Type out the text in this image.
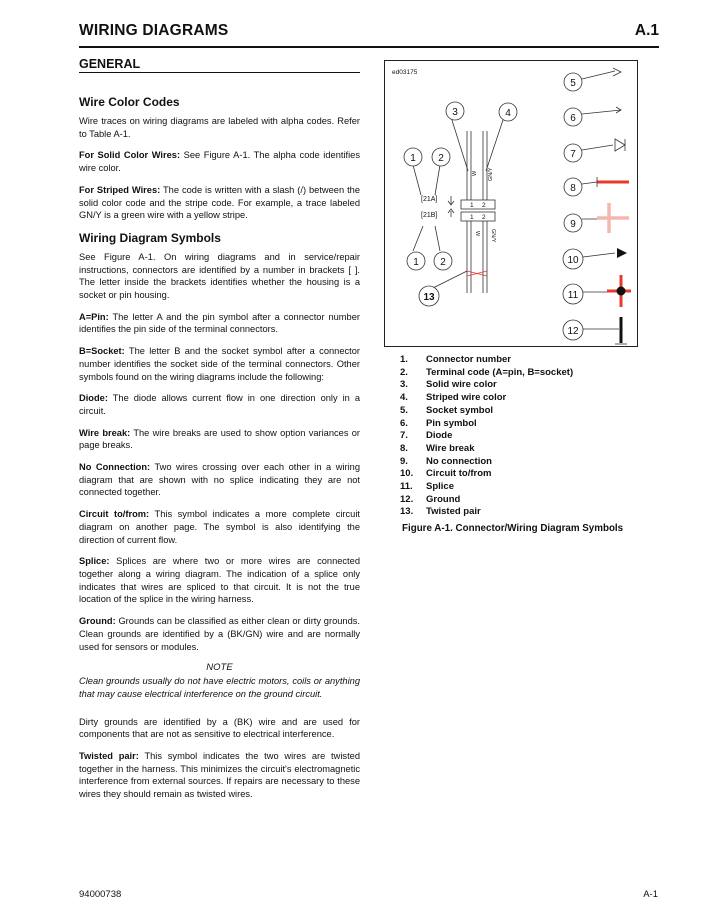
WIRING DIAGRAMS	A.1
GENERAL
Wire Color Codes

Wire traces on wiring diagrams are labeled with alpha codes. Refer to Table A-1.

For Solid Color Wires: See Figure A-1. The alpha code identifies wire color.

For Striped Wires: The code is written with a slash (/) between the solid color code and the stripe code. For example, a trace labeled GN/Y is a green wire with a yellow stripe.

Wiring Diagram Symbols

See Figure A-1. On wiring diagrams and in service/repair instructions, connectors are identified by a number in brackets [ ]. The letter inside the brackets identifies whether the housing is a socket or pin housing.

A=Pin: The letter A and the pin symbol after a connector number identifies the pin side of the terminal connectors.

B=Socket: The letter B and the socket symbol after a connector number identifies the socket side of the terminal connectors. Other symbols found on the wiring diagrams include the following:

Diode: The diode allows current flow in one direction only in a circuit.

Wire break: The wire breaks are used to show option variances or page breaks.

No Connection: Two wires crossing over each other in a wiring diagram that are shown with no splice indicating they are not connected together.

Circuit to/from: This symbol indicates a more complete circuit diagram on another page. The symbol is also identifying the direction of current flow.

Splice: Splices are where two or more wires are connected together along a wiring diagram. The indication of a splice only indicates that wires are spliced to that circuit. It is not the true location of the splice in the wiring harness.

Ground: Grounds can be classified as either clean or dirty grounds. Clean grounds are identified by a (BK/GN) wire and are normally used for sensors or modules.

NOTE

Clean grounds usually do not have electric motors, coils or anything that may cause electrical interference on the ground circuit.

Dirty grounds are identified by a (BK) wire and are used for components that are not as sensitive to electrical interference.

Twisted pair: This symbol indicates the two wires are twisted together in the harness. This minimizes the circuit's electromagnetic interference from external sources. If repairs are necessary to these wires they should remain as twisted wires.

ed03175
[21A]
[21B]
1 2
1 2
W GN/Y
W GN/Y
1 2
3	4
1 2
13
5
6
7
8
9
10
11
12
1.	Connector number
2.	Terminal code (A=pin, B=socket)
3.	Solid wire color
4.	Striped wire color
5.	Socket symbol
6.	Pin symbol
7.	Diode
8.	Wire break
9.	No connection
10.	Circuit to/from
11.	Splice
12.	Ground
13.	Twisted pair
Figure A-1. Connector/Wiring Diagram Symbols
94000738	A-1
